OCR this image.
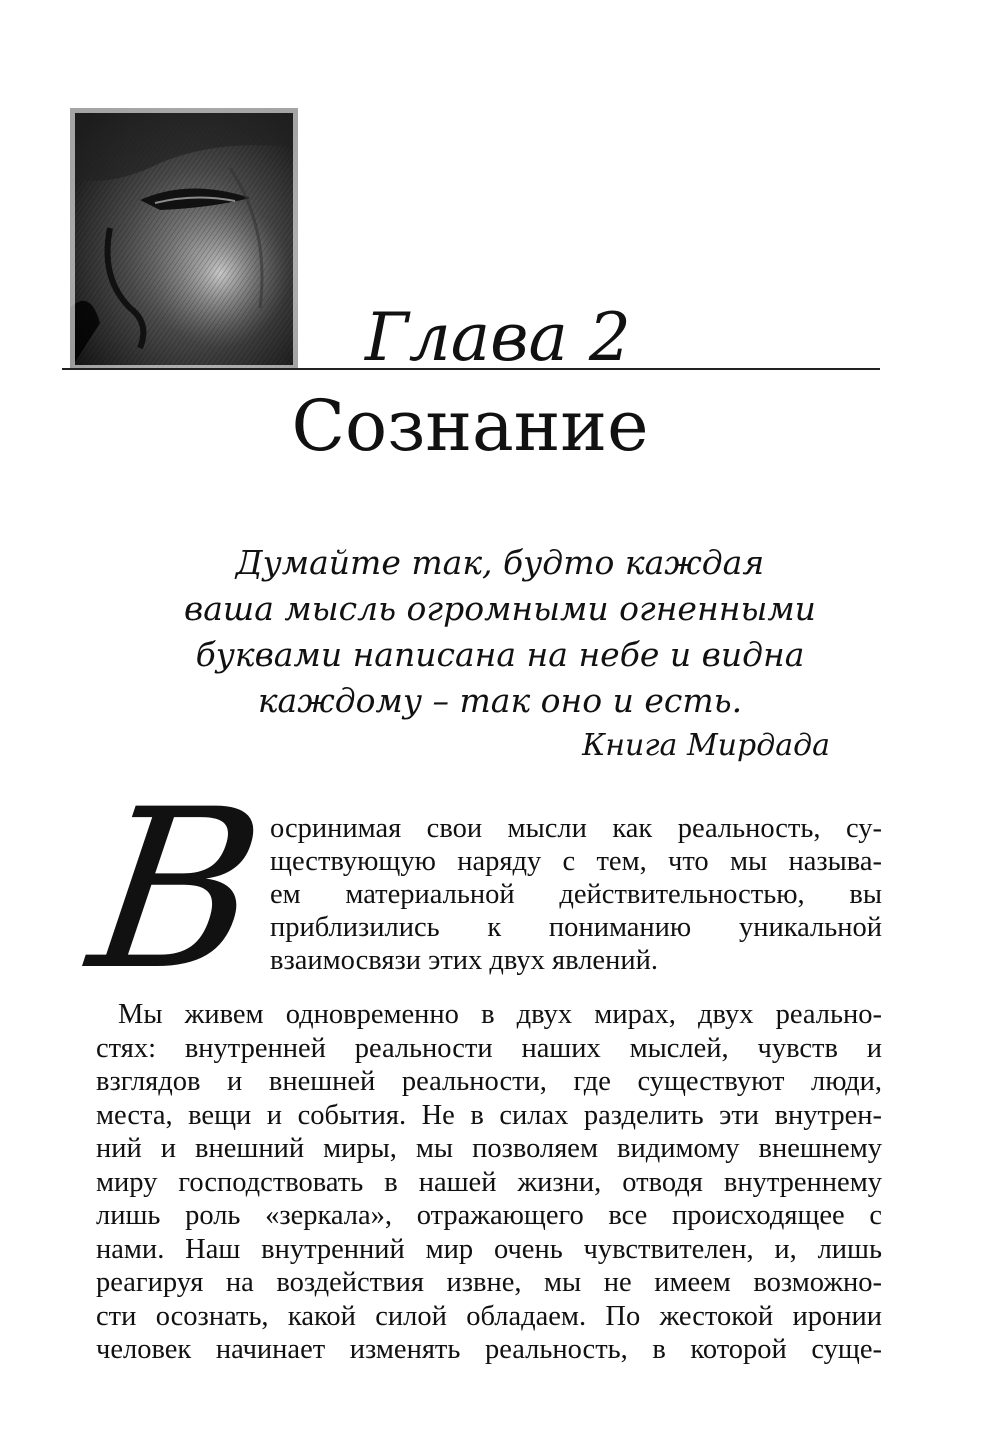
Глава 2
Сознание
Думайте так, будто каждая
ваша мысль огромными огненными
буквами написана на небе и видна
каждому – так оно и есть.
Книга Мирдада
В
осринимая свои мысли как реальность, су-
ществующую наряду с тем, что мы называ-
ем материальной действительностью, вы
приблизились к пониманию уникальной
взаимосвязи этих двух явлений.
Мы живем одновременно в двух мирах, двух реально-
стях: внутренней реальности наших мыслей, чувств и
взглядов и внешней реальности, где существуют люди,
места, вещи и события. Не в силах разделить эти внутрен-
ний и внешний миры, мы позволяем видимому внешнему
миру господствовать в нашей жизни, отводя внутреннему
лишь роль «зеркала», отражающего все происходящее с
нами. Наш внутренний мир очень чувствителен, и, лишь
реагируя на воздействия извне, мы не имеем возможно-
сти осознать, какой силой обладаем. По жестокой иронии
человек начинает изменять реальность, в которой суще-
